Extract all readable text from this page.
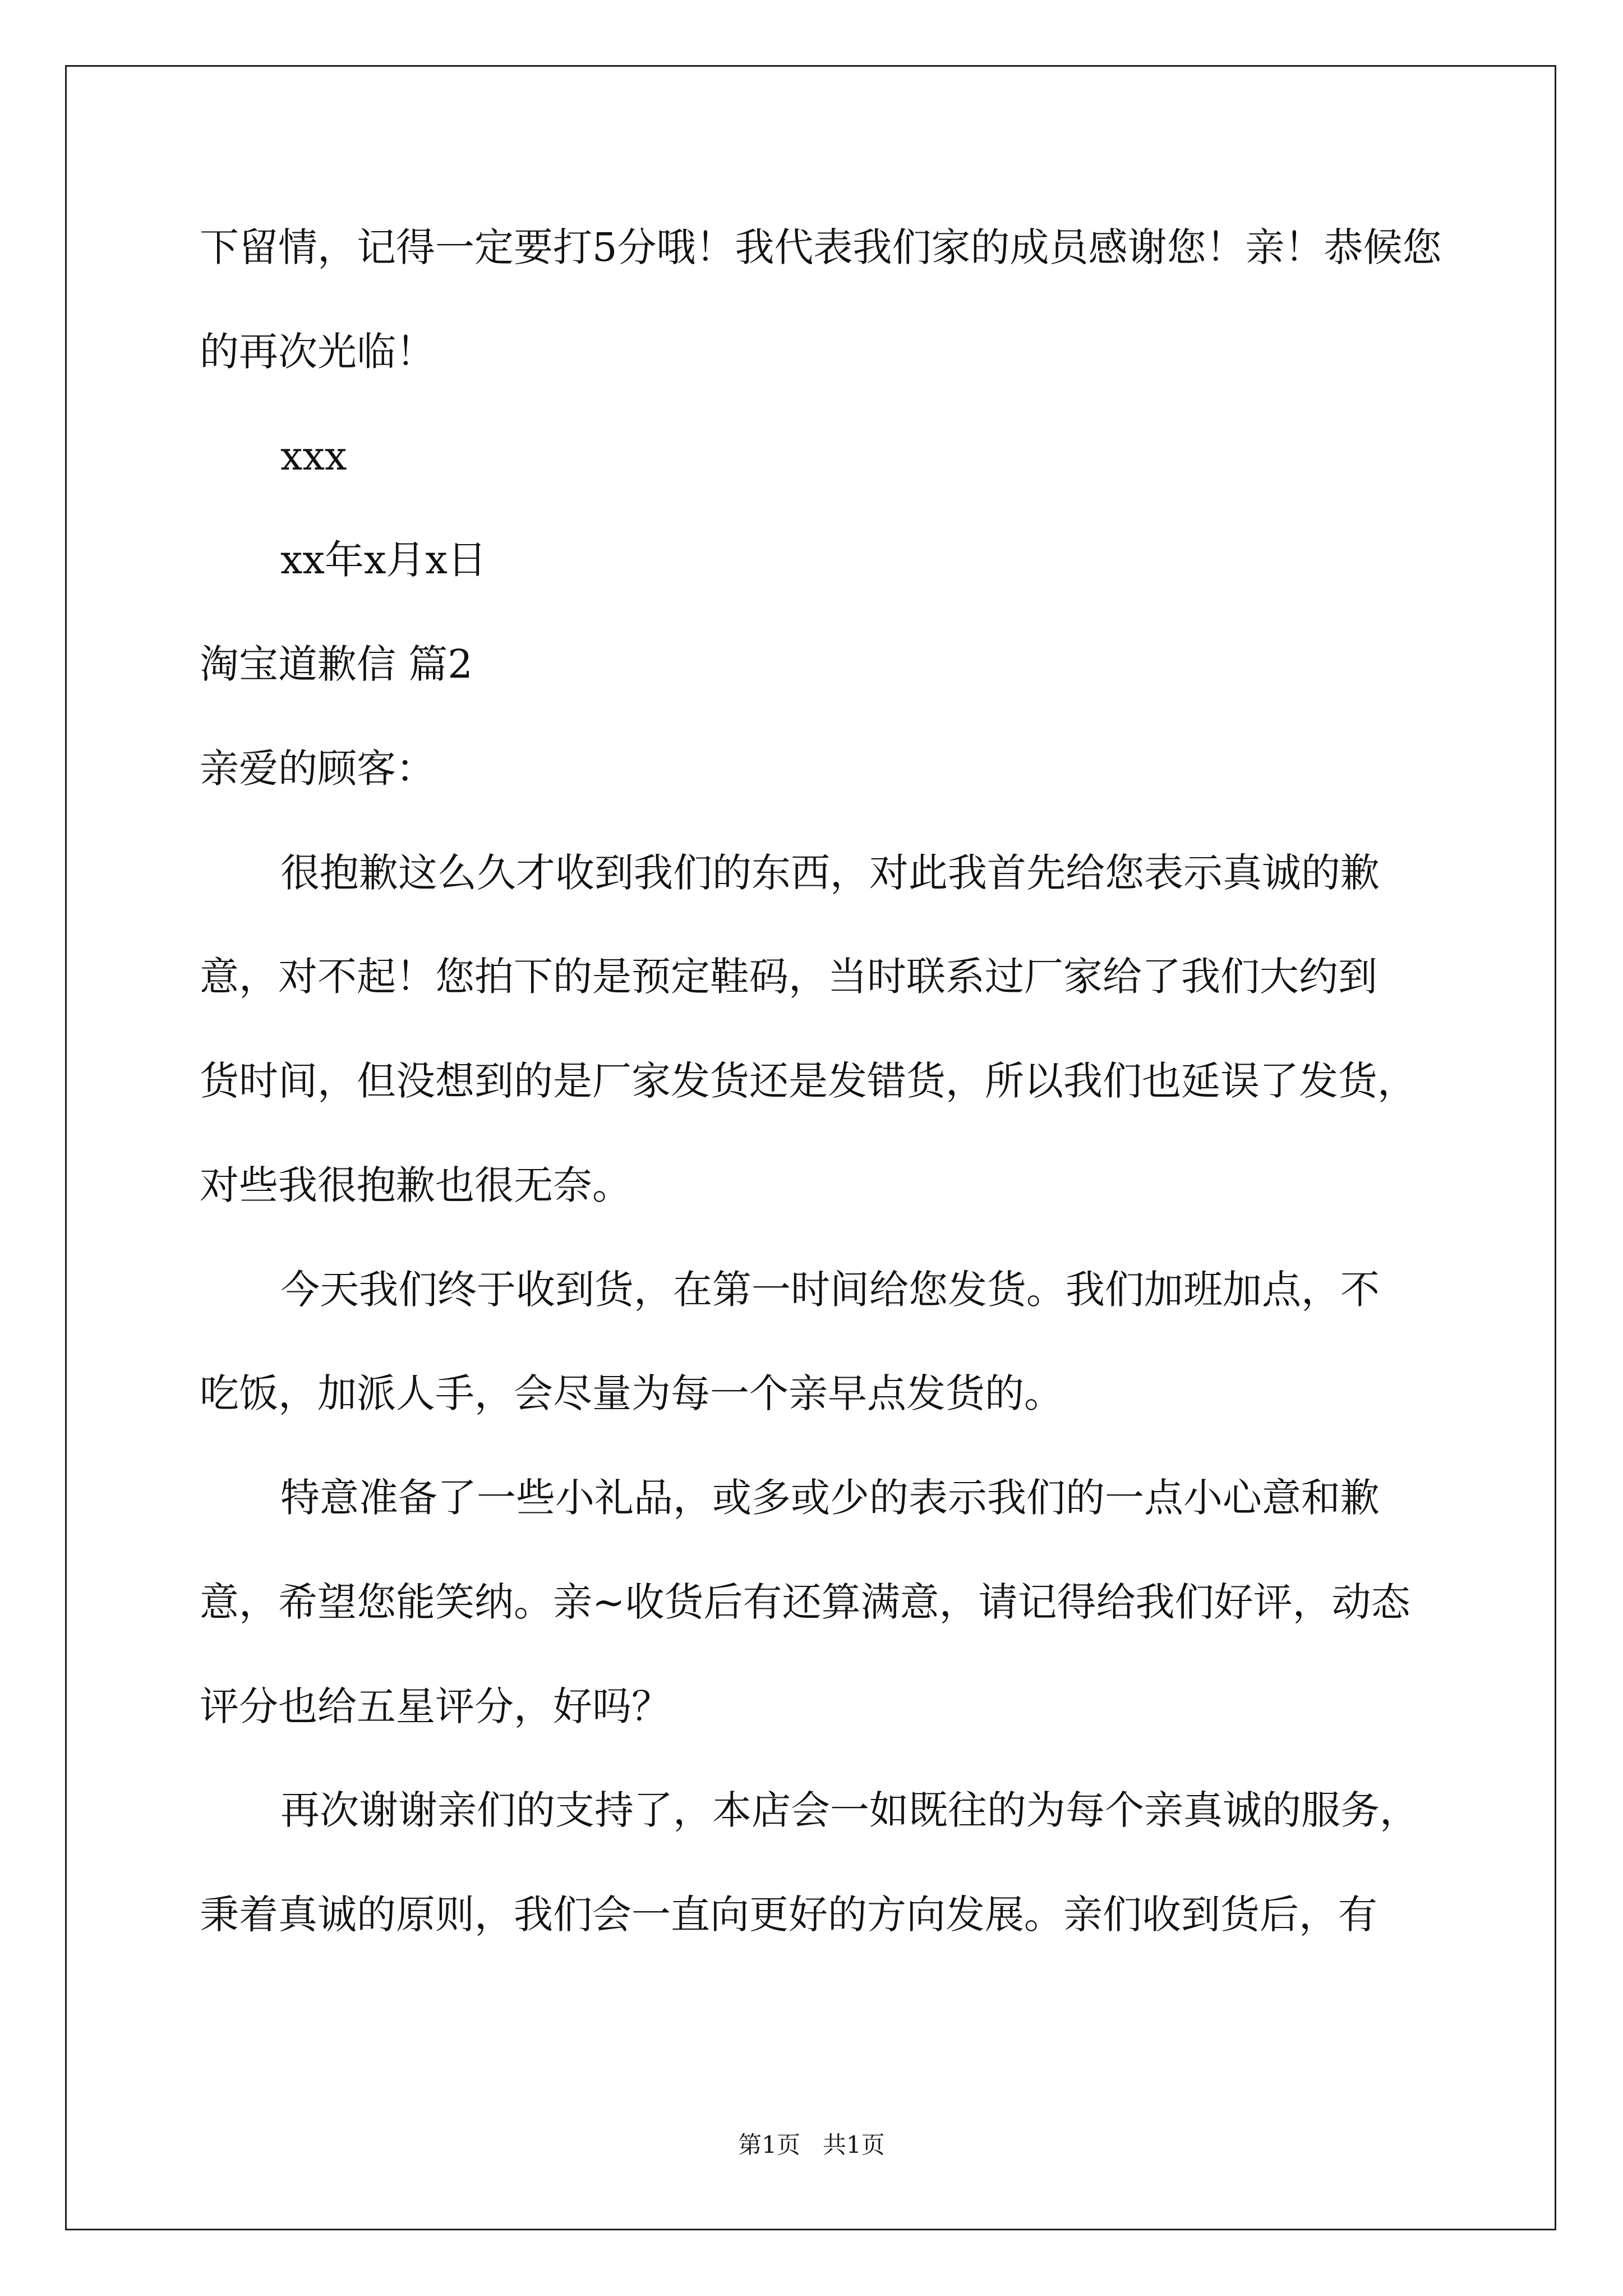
下留情，记得一定要打5分哦！我代表我们家的成员感谢您！亲！恭候您

的再次光临！

xxx

xx年x月x日

淘宝道歉信 篇2

亲爱的顾客：

很抱歉这么久才收到我们的东西，对此我首先给您表示真诚的歉

意，对不起！您拍下的是预定鞋码，当时联系过厂家给了我们大约到

货时间，但没想到的是厂家发货还是发错货，所以我们也延误了发货，

对些我很抱歉也很无奈。

今天我们终于收到货，在第一时间给您发货。我们加班加点，不

吃饭，加派人手，会尽量为每一个亲早点发货的。

特意准备了一些小礼品，或多或少的表示我们的一点小心意和歉

意，希望您能笑纳。亲~收货后有还算满意，请记得给我们好评，动态

评分也给五星评分，好吗？

再次谢谢亲们的支持了，本店会一如既往的为每个亲真诚的服务，

秉着真诚的原则，我们会一直向更好的方向发展。亲们收到货后，有

第1页 共1页
